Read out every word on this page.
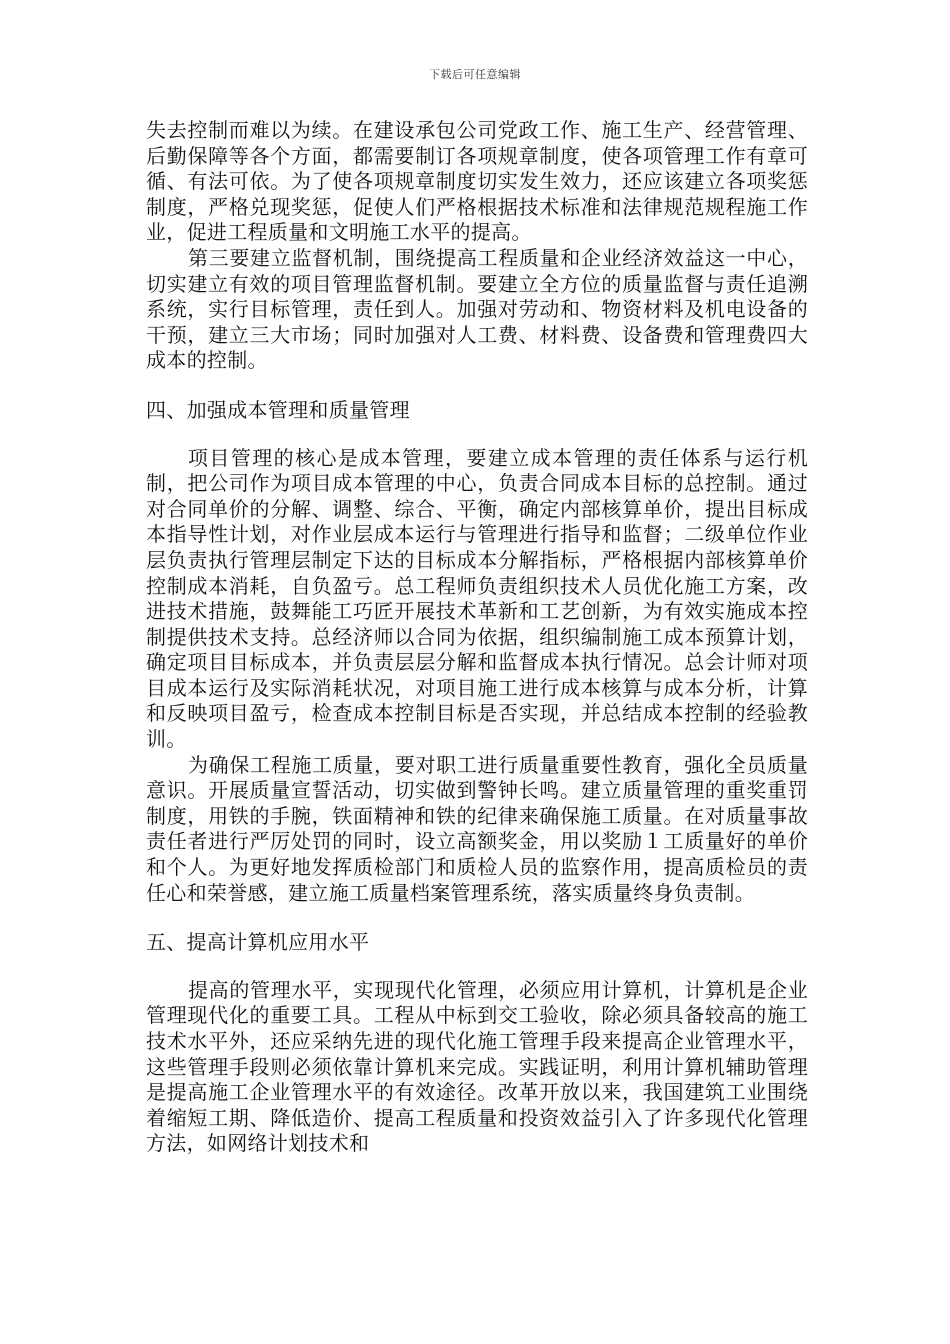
下载后可任意编辑

失去控制而难以为续。在建设承包公司党政工作、施工生产、经营管理、后勤保障等各个方面，都需要制订各项规章制度，使各项管理工作有章可循、有法可依。为了使各项规章制度切实发生效力，还应该建立各项奖惩制度，严格兑现奖惩，促使人们严格根据技术标准和法律规范规程施工作业，促进工程质量和文明施工水平的提高。

第三要建立监督机制，围绕提高工程质量和企业经济效益这一中心，切实建立有效的项目管理监督机制。要建立全方位的质量监督与责任追溯系统，实行目标管理，责任到人。加强对劳动和、物资材料及机电设备的干预，建立三大市场；同时加强对人工费、材料费、设备费和管理费四大成本的控制。

四、加强成本管理和质量管理

项目管理的核心是成本管理，要建立成本管理的责任体系与运行机制，把公司作为项目成本管理的中心，负责合同成本目标的总控制。通过对合同单价的分解、调整、综合、平衡，确定内部核算单价，提出目标成本指导性计划，对作业层成本运行与管理进行指导和监督；二级单位作业层负责执行管理层制定下达的目标成本分解指标，严格根据内部核算单价控制成本消耗，自负盈亏。总工程师负责组织技术人员优化施工方案，改进技术措施，鼓舞能工巧匠开展技术革新和工艺创新，为有效实施成本控制提供技术支持。总经济师以合同为依据，组织编制施工成本预算计划，确定项目目标成本，并负责层层分解和监督成本执行情况。总会计师对项目成本运行及实际消耗状况，对项目施工进行成本核算与成本分析，计算和反映项目盈亏，检查成本控制目标是否实现，并总结成本控制的经验教训。

为确保工程施工质量，要对职工进行质量重要性教育，强化全员质量意识。开展质量宣誓活动，切实做到警钟长鸣。建立质量管理的重奖重罚制度，用铁的手腕，铁面精神和铁的纪律来确保施工质量。在对质量事故责任者进行严厉处罚的同时，设立高额奖金，用以奖励１工质量好的单价和个人。为更好地发挥质检部门和质检人员的监察作用，提高质检员的责任心和荣誉感，建立施工质量档案管理系统，落实质量终身负责制。

五、提高计算机应用水平

提高的管理水平，实现现代化管理，必须应用计算机，计算机是企业管理现代化的重要工具。工程从中标到交工验收，除必须具备较高的施工技术水平外，还应采纳先进的现代化施工管理手段来提高企业管理水平，这些管理手段则必须依靠计算机来完成。实践证明，利用计算机辅助管理是提高施工企业管理水平的有效途径。改革开放以来，我国建筑工业围绕着缩短工期、降低造价、提高工程质量和投资效益引入了许多现代化管理方法，如网络计划技术和
